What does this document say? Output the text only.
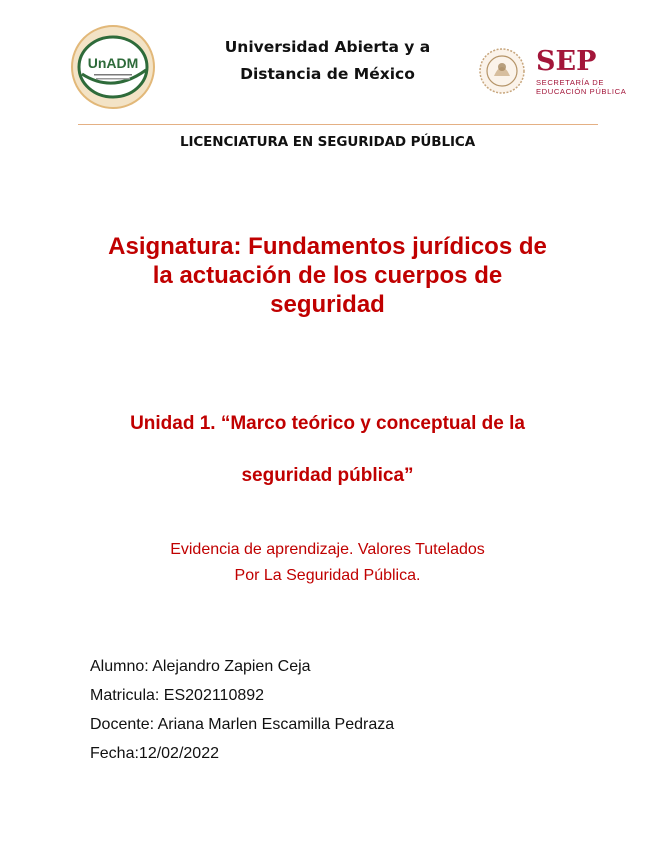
UnADM
Universidad Abierta y a
Distancia de México	SEP
SECRETARÍA DE
EDUCACIÓN PÚBLICA
LICENCIATURA EN SEGURIDAD PÚBLICA
Asignatura: Fundamentos jurídicos de
la actuación de los cuerpos de
seguridad
Unidad 1. “Marco teórico y conceptual de la
seguridad pública”
Evidencia de aprendizaje. Valores Tutelados
Por La Seguridad Pública.
Alumno: Alejandro Zapien Ceja
Matricula: ES202110892
Docente: Ariana Marlen Escamilla Pedraza
Fecha:12/02/2022
